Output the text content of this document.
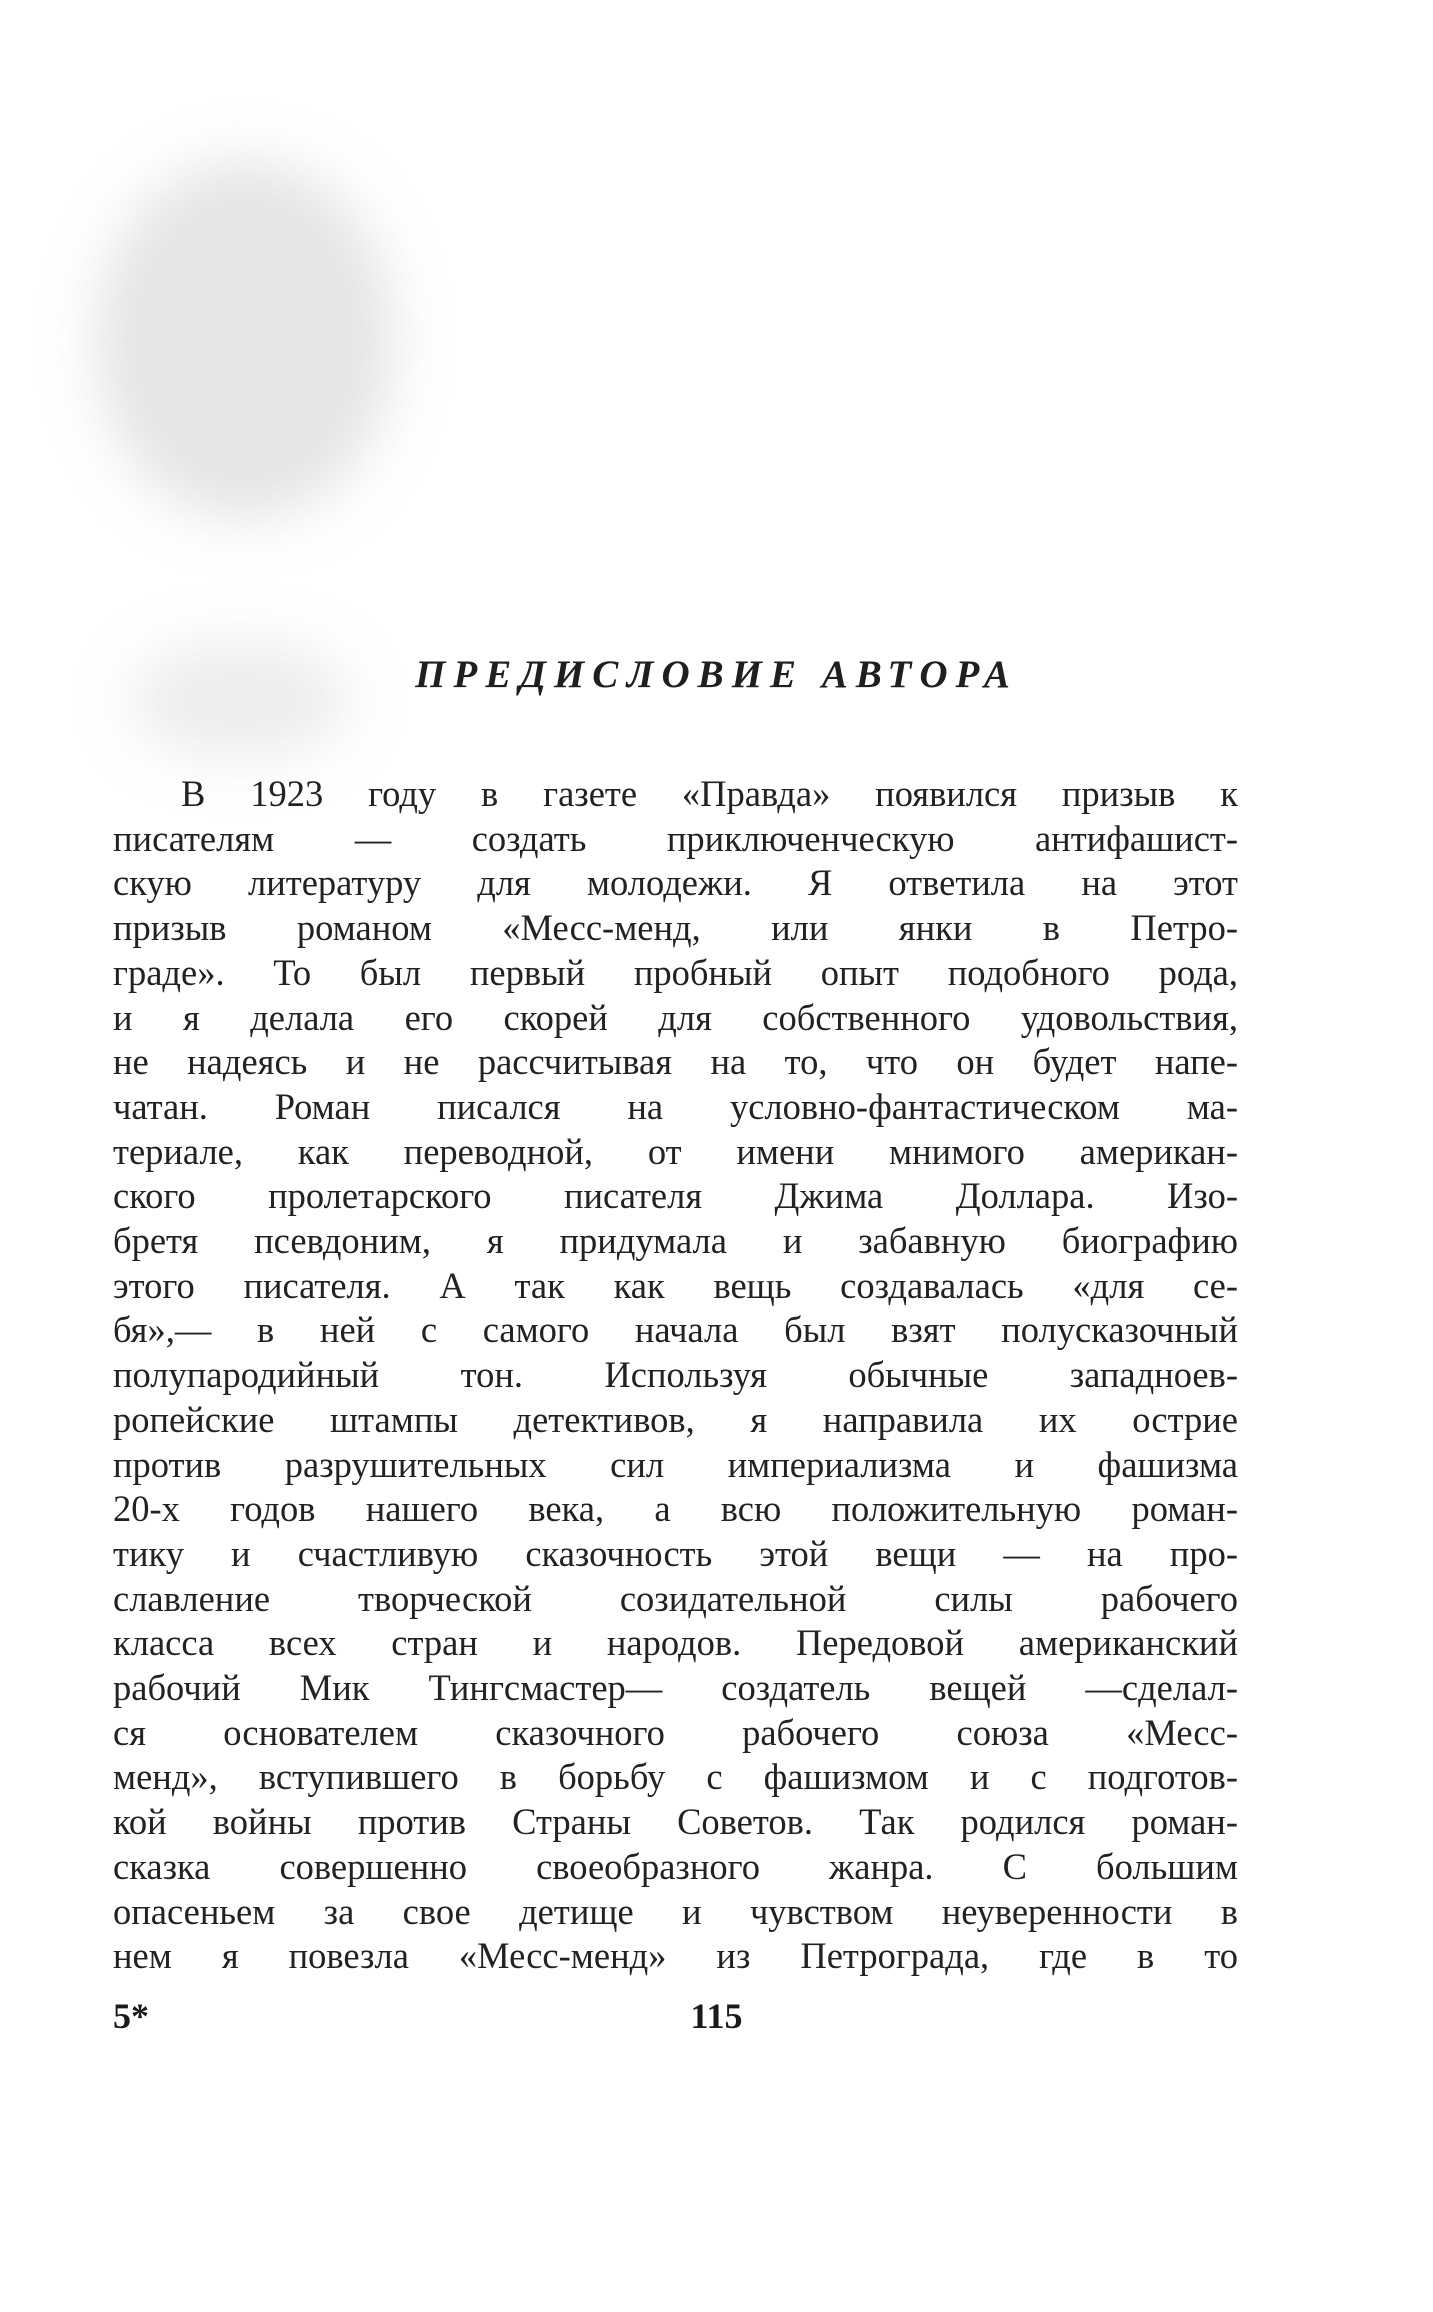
ПРЕДИСЛОВИЕ АВТОРА
В 1923 году в газете «Правда» появился призыв к
писателям — создать приключенческую антифашист-
скую литературу для молодежи. Я ответила на этот
призыв романом «Месс-менд, или янки в Петро-
граде». То был первый пробный опыт подобного рода,
и я делала его скорей для собственного удовольствия,
не надеясь и не рассчитывая на то, что он будет напе-
чатан. Роман писался на условно-фантастическом ма-
териале, как переводной, от имени мнимого американ-
ского пролетарского писателя Джима Доллара. Изо-
бретя псевдоним, я придумала и забавную биографию
этого писателя. А так как вещь создавалась «для се-
бя»,— в ней с самого начала был взят полусказочный
полупародийный тон. Используя обычные западноев-
ропейские штампы детективов, я направила их острие
против разрушительных сил империализма и фашизма
20-х годов нашего века, а всю положительную роман-
тику и счастливую сказочность этой вещи — на про-
славление творческой созидательной силы рабочего
класса всех стран и народов. Передовой американский
рабочий Мик Тингсмастер— создатель вещей —сделал-
ся основателем сказочного рабочего союза «Месс-
менд», вступившего в борьбу с фашизмом и с подготов-
кой войны против Страны Советов. Так родился роман-
сказка совершенно своеобразного жанра. С большим
опасеньем за свое детище и чувством неуверенности в
нем я повезла «Месс-менд» из Петрограда, где в то
5*	115
